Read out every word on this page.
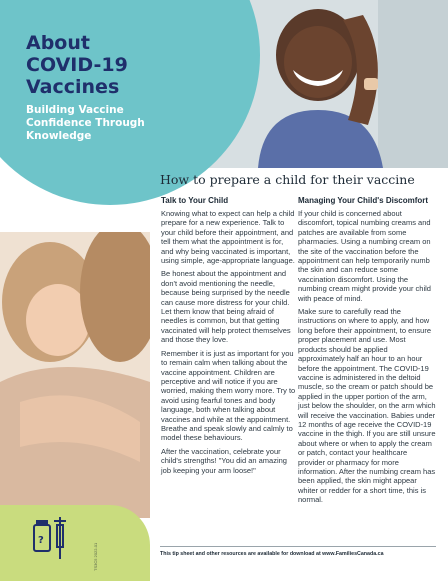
About
COVID-19
Vaccines

Building Vaccine
Confidence Through
Knowledge

?
TS3C5 2022-01
How to prepare a child for their vaccine
Talk to Your Child

Knowing what to expect can help a child prepare for a new experience. Talk to your child before their appointment, and tell them what the appointment is for, and why being vaccinated is important, using simple, age-appropriate language.

Be honest about the appointment and don't avoid mentioning the needle, because being surprised by the needle can cause more distress for your child. Let them know that being afraid of needles is common, but that getting vaccinated will help protect themselves and those they love.

Remember it is just as important for you to remain calm when talking about the vaccine appointment. Children are perceptive and will notice if you are worried, making them worry more. Try to avoid using fearful tones and body language, both when talking about vaccines and while at the appointment. Breathe and speak slowly and calmly to model these behaviours.

After the vaccination, celebrate your child's strengths! "You did an amazing job keeping your arm loose!"

Managing Your Child's Discomfort

If your child is concerned about discomfort, topical numbing creams and patches are available from some pharmacies. Using a numbing cream on the site of the vaccination before the appointment can help temporarily numb the skin and can reduce some vaccination discomfort. Using the numbing cream might provide your child with peace of mind.

Make sure to carefully read the instructions on where to apply, and how long before their appointment, to ensure proper placement and use. Most products should be applied approximately half an hour to an hour before the appointment. The COVID-19 vaccine is administered in the deltoid muscle, so the cream or patch should be applied in the upper portion of the arm, just below the shoulder, on the arm which will receive the vaccination. Babies under 12 months of age receive the COVID-19 vaccine in the thigh. If you are still unsure about where or when to apply the cream or patch, contact your healthcare provider or pharmacy for more information. After the numbing cream has been applied, the skin might appear whiter or redder for a short time, this is normal.

This tip sheet and other resources are available for download at www.FamiliesCanada.ca
